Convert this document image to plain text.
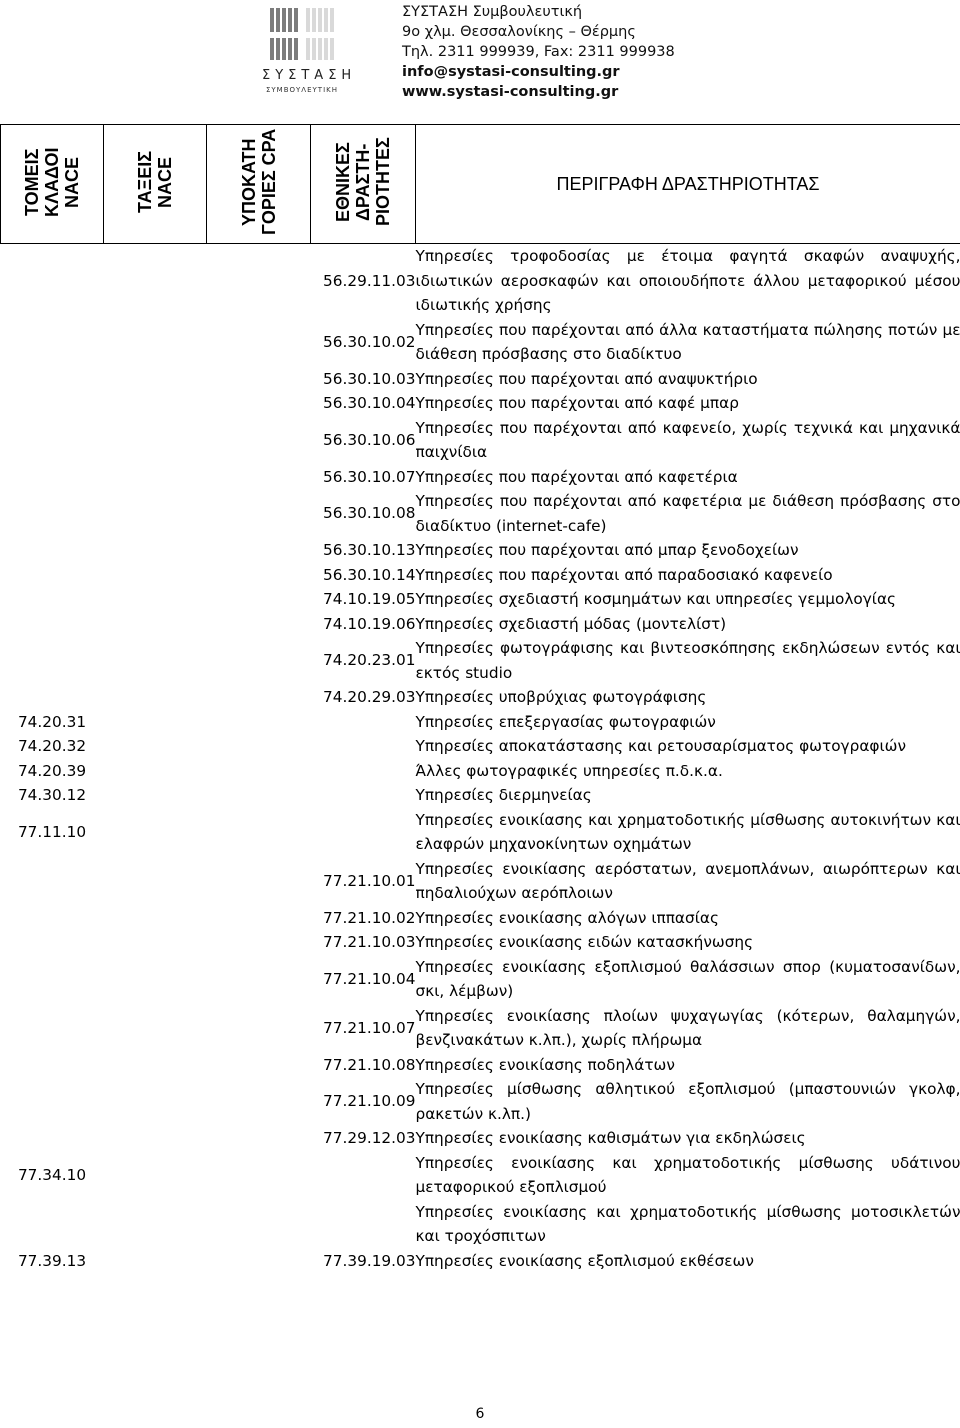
ΣΥΣΤΑΣΗ
ΣΥΜΒΟΥΛΕΥΤΙΚΗ
ΣΥΣΤΑΣΗ Συμβουλευτική
9ο χλμ. Θεσσαλονίκης – Θέρμης
Τηλ. 2311 999939, Fax: 2311 999938
info@systasi-consulting.gr
www.systasi-consulting.gr
ΤΟΜΕΙΣ ΚΛΑΔΟΙ NACE	ΤΑΞΕΙΣ NACE	ΥΠΟΚΑΤΗ ΓΟΡΙΕΣ CPA	ΕΘΝΙΚΕΣ ΔΡΑΣΤΗ- ΡΙΟΤΗΤΕΣ	ΠΕΡΙΓΡΑΦΗ ΔΡΑΣΤΗΡΙΟΤΗΤΑΣ
			56.29.11.03	Υπηρεσίες τροφοδοσίας με έτοιμα φαγητά σκαφών αναψυχής, ιδιωτικών αεροσκαφών και οποιουδήποτε άλλου μεταφορικού μέσου ιδιωτικής χρήσης
			56.30.10.02	Υπηρεσίες που παρέχονται από άλλα καταστήματα πώλησης ποτών με διάθεση πρόσβασης στο διαδίκτυο
			56.30.10.03	Υπηρεσίες που παρέχονται από αναψυκτήριο
			56.30.10.04	Υπηρεσίες που παρέχονται από καφέ μπαρ
			56.30.10.06	Υπηρεσίες που παρέχονται από καφενείο, χωρίς τεχνικά και μηχανικά παιχνίδια
			56.30.10.07	Υπηρεσίες που παρέχονται από καφετέρια
			56.30.10.08	Υπηρεσίες που παρέχονται από καφετέρια με διάθεση πρόσβασης στο διαδίκτυο (internet-cafe)
			56.30.10.13	Υπηρεσίες που παρέχονται από μπαρ ξενοδοχείων
			56.30.10.14	Υπηρεσίες που παρέχονται από παραδοσιακό καφενείο
			74.10.19.05	Υπηρεσίες σχεδιαστή κοσμημάτων και υπηρεσίες γεμμολογίας
			74.10.19.06	Υπηρεσίες σχεδιαστή μόδας (μοντελίστ)
			74.20.23.01	Υπηρεσίες φωτογράφισης και βιντεοσκόπησης εκδηλώσεων εντός και εκτός studio
			74.20.29.03	Υπηρεσίες υποβρύχιας φωτογράφισης
74.20.31				Υπηρεσίες επεξεργασίας φωτογραφιών
74.20.32				Υπηρεσίες αποκατάστασης και ρετουσαρίσματος φωτογραφιών
74.20.39				Άλλες φωτογραφικές υπηρεσίες π.δ.κ.α.
74.30.12				Υπηρεσίες διερμηνείας
77.11.10				Υπηρεσίες ενοικίασης και χρηματοδοτικής μίσθωσης αυτοκινήτων και ελαφρών μηχανοκίνητων οχημάτων
			77.21.10.01	Υπηρεσίες ενοικίασης αερόστατων, ανεμοπλάνων, αιωρόπτερων και πηδαλιούχων αερόπλοιων
			77.21.10.02	Υπηρεσίες ενοικίασης αλόγων ιππασίας
			77.21.10.03	Υπηρεσίες ενοικίασης ειδών κατασκήνωσης
			77.21.10.04	Υπηρεσίες ενοικίασης εξοπλισμού θαλάσσιων σπορ (κυματοσανίδων, σκι, λέμβων)
			77.21.10.07	Υπηρεσίες ενοικίασης πλοίων ψυχαγωγίας (κότερων, θαλαμηγών, βενζινακάτων κ.λπ.), χωρίς πλήρωμα
			77.21.10.08	Υπηρεσίες ενοικίασης ποδηλάτων
			77.21.10.09	Υπηρεσίες μίσθωσης αθλητικού εξοπλισμού (μπαστουνιών γκολφ, ρακετών κ.λπ.)
			77.29.12.03	Υπηρεσίες ενοικίασης καθισμάτων για εκδηλώσεις
77.34.10				Υπηρεσίες ενοικίασης και χρηματοδοτικής μίσθωσης υδάτινου μεταφορικού εξοπλισμού
				Υπηρεσίες ενοικίασης και χρηματοδοτικής μίσθωσης μοτοσικλετών και τροχόσπιτων
77.39.13			77.39.19.03	Υπηρεσίες ενοικίασης εξοπλισμού εκθέσεων
6
